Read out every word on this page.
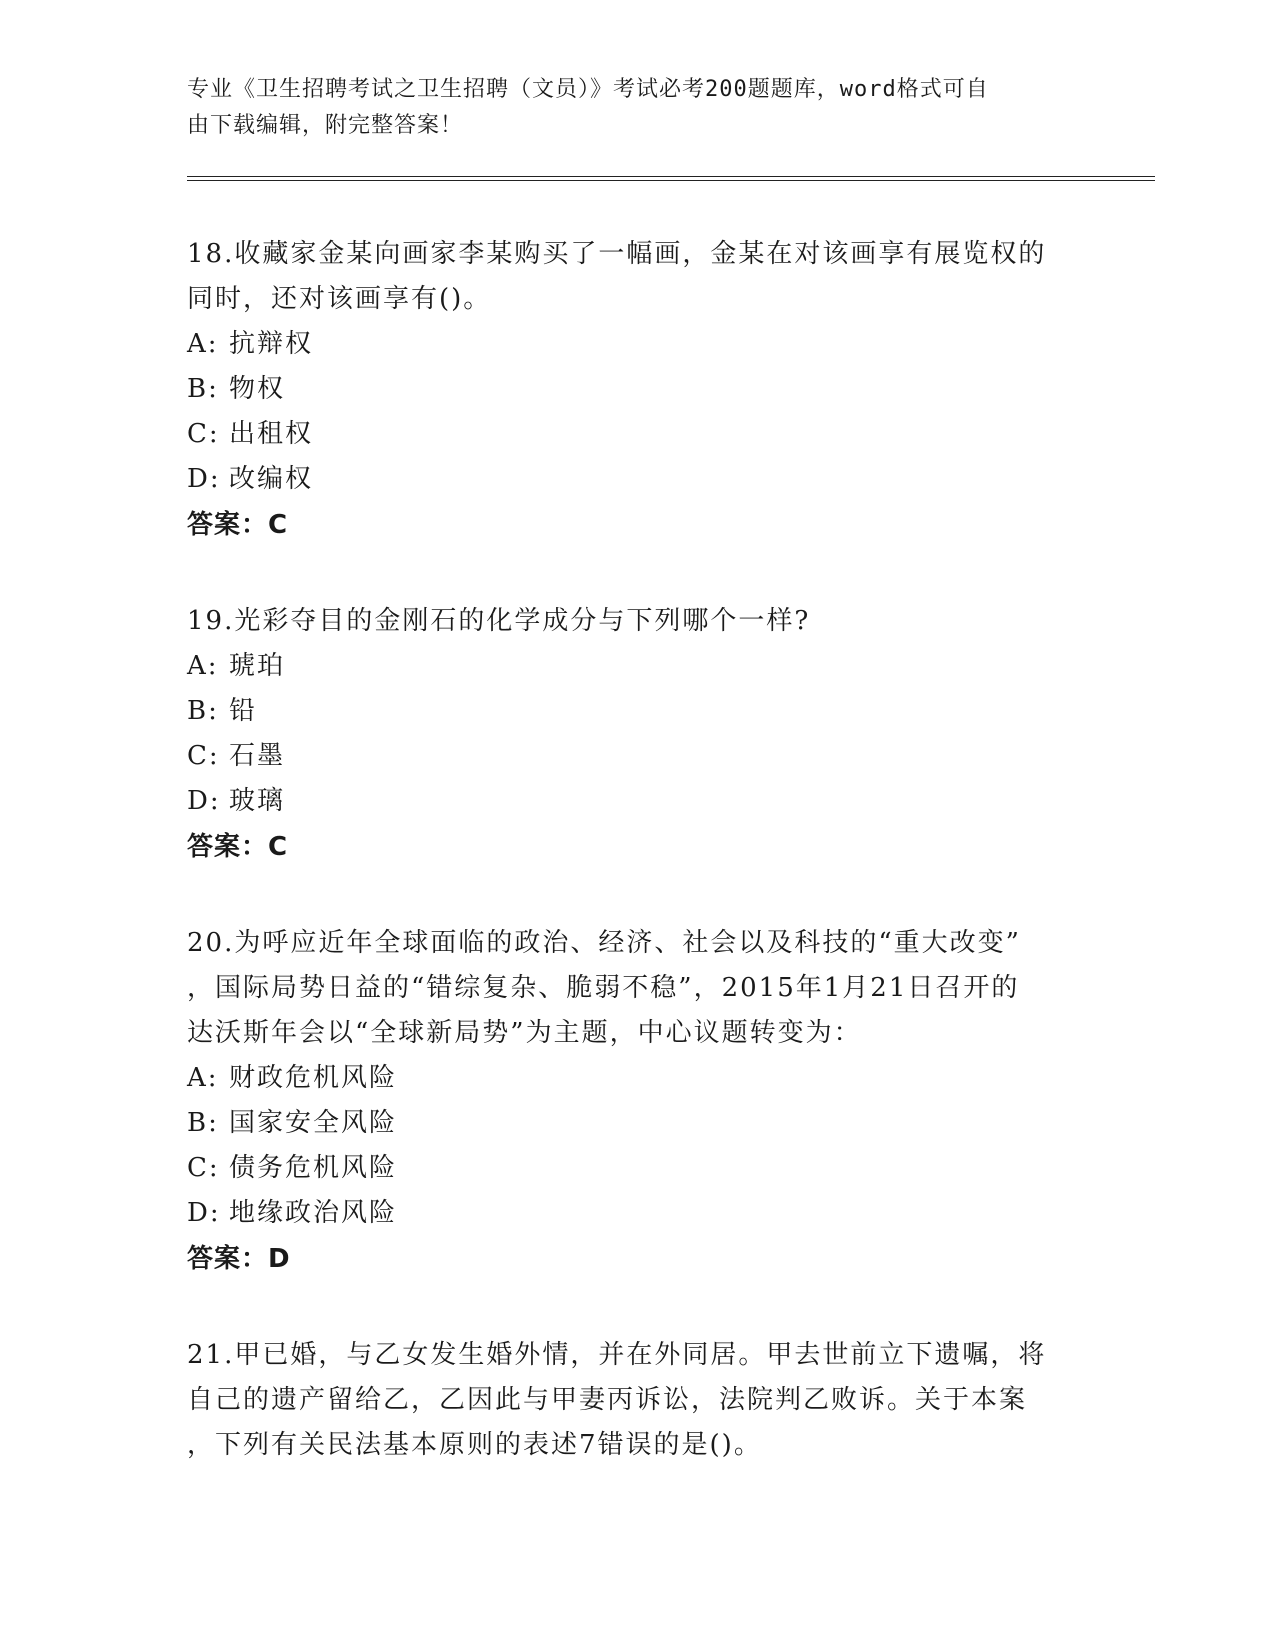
专业《卫生招聘考试之卫生招聘（文员）》考试必考200题题库，word格式可自
由下载编辑，附完整答案！
18.收藏家金某向画家李某购买了一幅画，金某在对该画享有展览权的
同时，还对该画享有()。
A: 抗辩权
B: 物权
C: 出租权
D: 改编权
答案：C
19.光彩夺目的金刚石的化学成分与下列哪个一样?
A: 琥珀
B: 铅
C: 石墨
D: 玻璃
答案：C
20.为呼应近年全球面临的政治、经济、社会以及科技的“重大改变”
，国际局势日益的“错综复杂、脆弱不稳”，2015年1月21日召开的
达沃斯年会以“全球新局势”为主题，中心议题转变为：
A: 财政危机风险
B: 国家安全风险
C: 债务危机风险
D: 地缘政治风险
答案：D
21.甲已婚，与乙女发生婚外情，并在外同居。甲去世前立下遗嘱，将
自己的遗产留给乙，乙因此与甲妻丙诉讼，法院判乙败诉。关于本案
，下列有关民法基本原则的表述7错误的是()。
